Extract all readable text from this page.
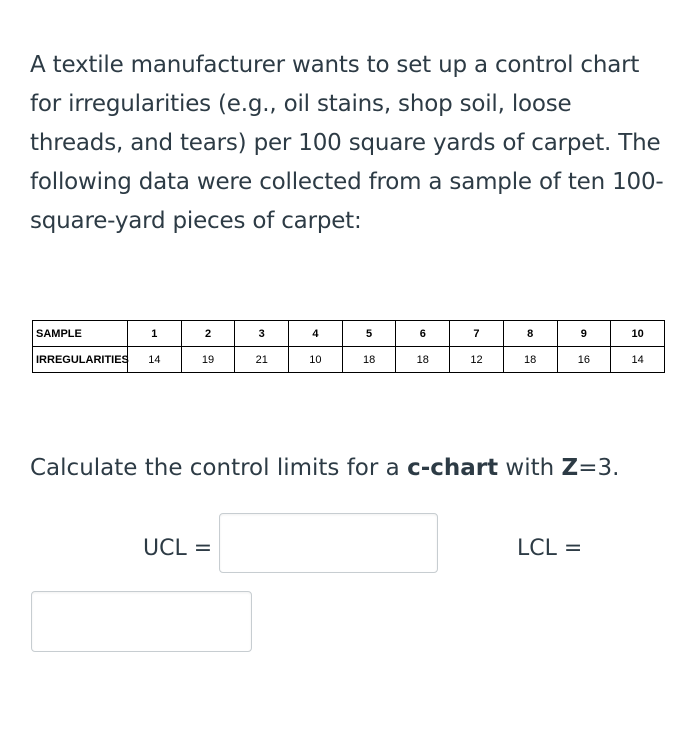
A textile manufacturer wants to set up a control chart for irregularities (e.g., oil stains, shop soil, loose threads, and tears) per 100 square yards of carpet. The following data were collected from a sample of ten 100-square-yard pieces of carpet:

SAMPLE	1	2	3	4	5	6	7	8	9	10
IRREGULARITIES	14	19	21	10	18	18	12	18	16	14

Calculate the control limits for a c-chart with Z=3.

UCL =	LCL =
